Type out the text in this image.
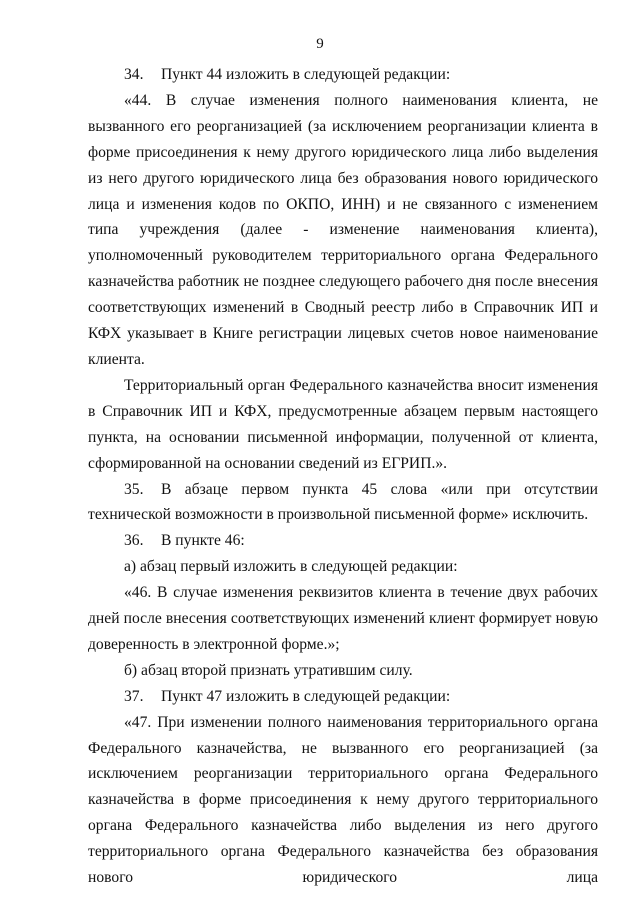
9

34. Пункт 44 изложить в следующей редакции:

«44. В случае изменения полного наименования клиента, не вызванного его реорганизацией (за исключением реорганизации клиента в форме присоединения к нему другого юридического лица либо выделения из него другого юридического лица без образования нового юридического лица и изменения кодов по ОКПО, ИНН) и не связанного с изменением типа учреждения (далее - изменение наименования клиента), уполномоченный руководителем территориального органа Федерального казначейства работник не позднее следующего рабочего дня после внесения соответствующих изменений в Сводный реестр либо в Справочник ИП и КФХ указывает в Книге регистрации лицевых счетов новое наименование клиента.

Территориальный орган Федерального казначейства вносит изменения в Справочник ИП и КФХ, предусмотренные абзацем первым настоящего пункта, на основании письменной информации, полученной от клиента, сформированной на основании сведений из ЕГРИП.».

35. В абзаце первом пункта 45 слова «или при отсутствии технической возможности в произвольной письменной форме» исключить.

36. В пункте 46:

а) абзац первый изложить в следующей редакции:

«46. В случае изменения реквизитов клиента в течение двух рабочих дней после внесения соответствующих изменений клиент формирует новую доверенность в электронной форме.»;

б) абзац второй признать утратившим силу.

37. Пункт 47 изложить в следующей редакции:

«47. При изменении полного наименования территориального органа Федерального казначейства, не вызванного его реорганизацией (за исключением реорганизации территориального органа Федерального казначейства в форме присоединения к нему другого территориального органа Федерального казначейства либо выделения из него другого территориального органа Федерального казначейства без образования нового юридического лица
